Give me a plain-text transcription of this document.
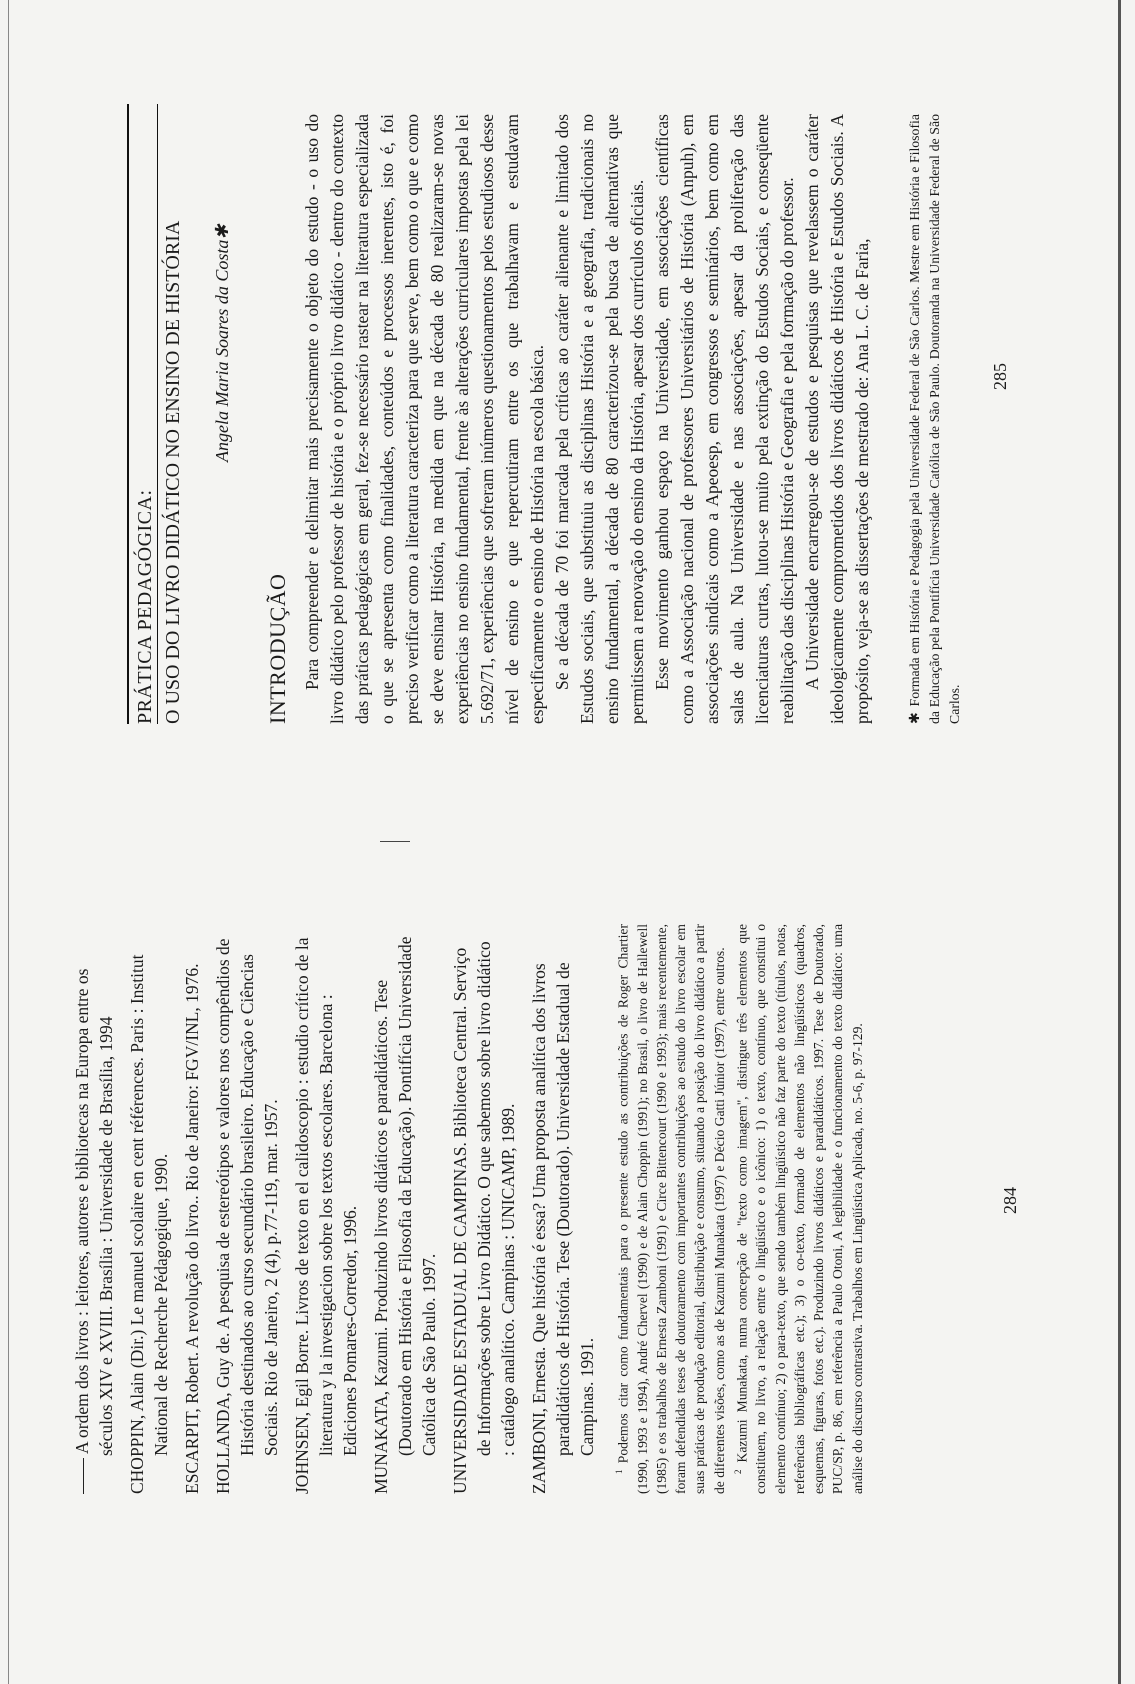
A ordem dos livros : leitores, autores e bibliotecas na Europa entre os séculos XIV e XVIII. Brasília : Universidade de Brasília, 1994 CHOPPIN, Alain (Dir.) Le manuel scolaire en cent références. Paris : Institut National de Recherche Pédagogique, 1990. ESCARPIT, Robert. A revolução do livro.. Rio de Janeiro: FGV/INL, 1976.

HOLLANDA, Guy de. A pesquisa de estereótipos e valores nos compêndios de História destinados ao curso secundário brasileiro. Educação e Ciências Sociais. Rio de Janeiro, 2 (4), p.77-119, mar. 1957. JOHNSEN, Egil Borre. Livros de texto en el calidoscopio : estudio crítico de la literatura y la investigacion sobre los textos escolares. Barcelona : Ediciones Pomares-Corredor, 1996. MUNAKATA, Kazumi. Produzindo livros didáticos e paradidáticos. Tese (Doutorado em História e Filosofia da Educação). Pontifícia Universidade Católica de São Paulo. 1997. UNIVERSIDADE ESTADUAL DE CAMPINAS. Biblioteca Central. Serviço de Informações sobre Livro Didático. O que sabemos sobre livro didático : catálogo analítico. Campinas : UNICAMP, 1989. ZAMBONI, Ernesta. Que história é essa? Uma proposta analítica dos livros paradidáticos de História. Tese (Doutorado). Universidade Estadual de Campinas. 1991.

$^1$ Podemos citar como fundamentais para o presente estudo as contribuições de Roger Chartier (1990, 1993 e 1994), André Chervel (1990) e de Alain Choppin (1991); no Brasil, o livro de Hallewell (1985) e os trabalhos de Ernesta Zamboni (1991) e Circe Bittencourt (1990 e 1993); mais recentemente, foram defendidas teses de doutoramento com importantes contribuições ao estudo do livro escolar em suas práticas de produção editorial, distribuição e consumo, situando a posição do livro didático a partir de diferentes visões, como as de Kazumi Munakata (1997) e Décio Gatti Júnior (1997), entre outros. $^2$ Kazumi Munakata, numa concepção de "texto como imagem", distingue três elementos que constituem, no livro, a relação entre o lingüístico e o icônico: 1) o texto, contínuo, que constitui o elemento contínuo; 2) o para-texto, que sendo também lingüístico não faz parte do texto (títulos, notas, referências bibliográficas etc.); 3) o co-texto, formado de elementos não lingüísticos (quadros, esquemas, figuras, fotos etc.). Produzindo livros didáticos e paradidáticos. 1997. Tese de Doutorado, PUC/SP, p. 86, em referência a Paulo Otoni, A legibilidade e o funcionamento do texto didático: uma análise do discurso contrastiva. Trabalhos em Lingüística Aplicada, no. 5-6, p. 97-129.	284
PRÁTICA PEDAGÓGICA: O USO DO LIVRO DIDÁTICO NO ENSINO DE HISTÓRIA Angela Maria Soares da Costa✱
INTRODUÇÃO Para compreender e delimitar mais precisamente o objeto do estudo - o uso do livro didático pelo professor de história e o próprio livro didático - dentro do contexto das práticas pedagógicas em geral, fez-se necessário rastear na literatura especializada o que se apresenta como finalidades, conteúdos e processos inerentes, isto é, foi preciso verificar como a literatura caracteriza para que serve, bem como o que e como se deve ensinar História, na medida em que na década de 80 realizaram-se novas experiências no ensino fundamental, frente às alterações curriculares impostas pela lei 5.692/71, experiências que sofreram inúmeros questionamentos pelos estudiosos desse nível de ensino e que repercutiram entre os que trabalhavam e estudavam especificamente o ensino de História na escola básica. Se a década de 70 foi marcada pela críticas ao caráter alienante e limitado dos Estudos sociais, que substituiu as disciplinas História e a geografia, tradicionais no ensino fundamental, a década de 80 caracterizou-se pela busca de alternativas que permitissem a renovação do ensino da História, apesar dos currículos oficiais. Esse movimento ganhou espaço na Universidade, em associações científicas como a Associação nacional de professores Universitários de História (Anpuh), em associações sindicais como a Apeoesp, em congressos e seminários, bem como em salas de aula. Na Universidade e nas associações, apesar da proliferação das licenciaturas curtas, lutou-se muito pela extinção do Estudos Sociais, e conseqüente reabilitação das disciplinas História e Geografia e pela formação do professor. A Universidade encarregou-se de estudos e pesquisas que revelassem o caráter ideologicamente comprometidos dos livros didáticos de História e Estudos Sociais. A propósito, veja-se as dissertações de mestrado de: Ana L. C. de Faria,	✱Formada em História e Pedagogia pela Universidade Federal de São Carlos. Mestre em História e Filosofia da Educação pela Pontifícia Universidade Católica de São Paulo. Doutoranda na Universidade Federal de São Carlos.
285
